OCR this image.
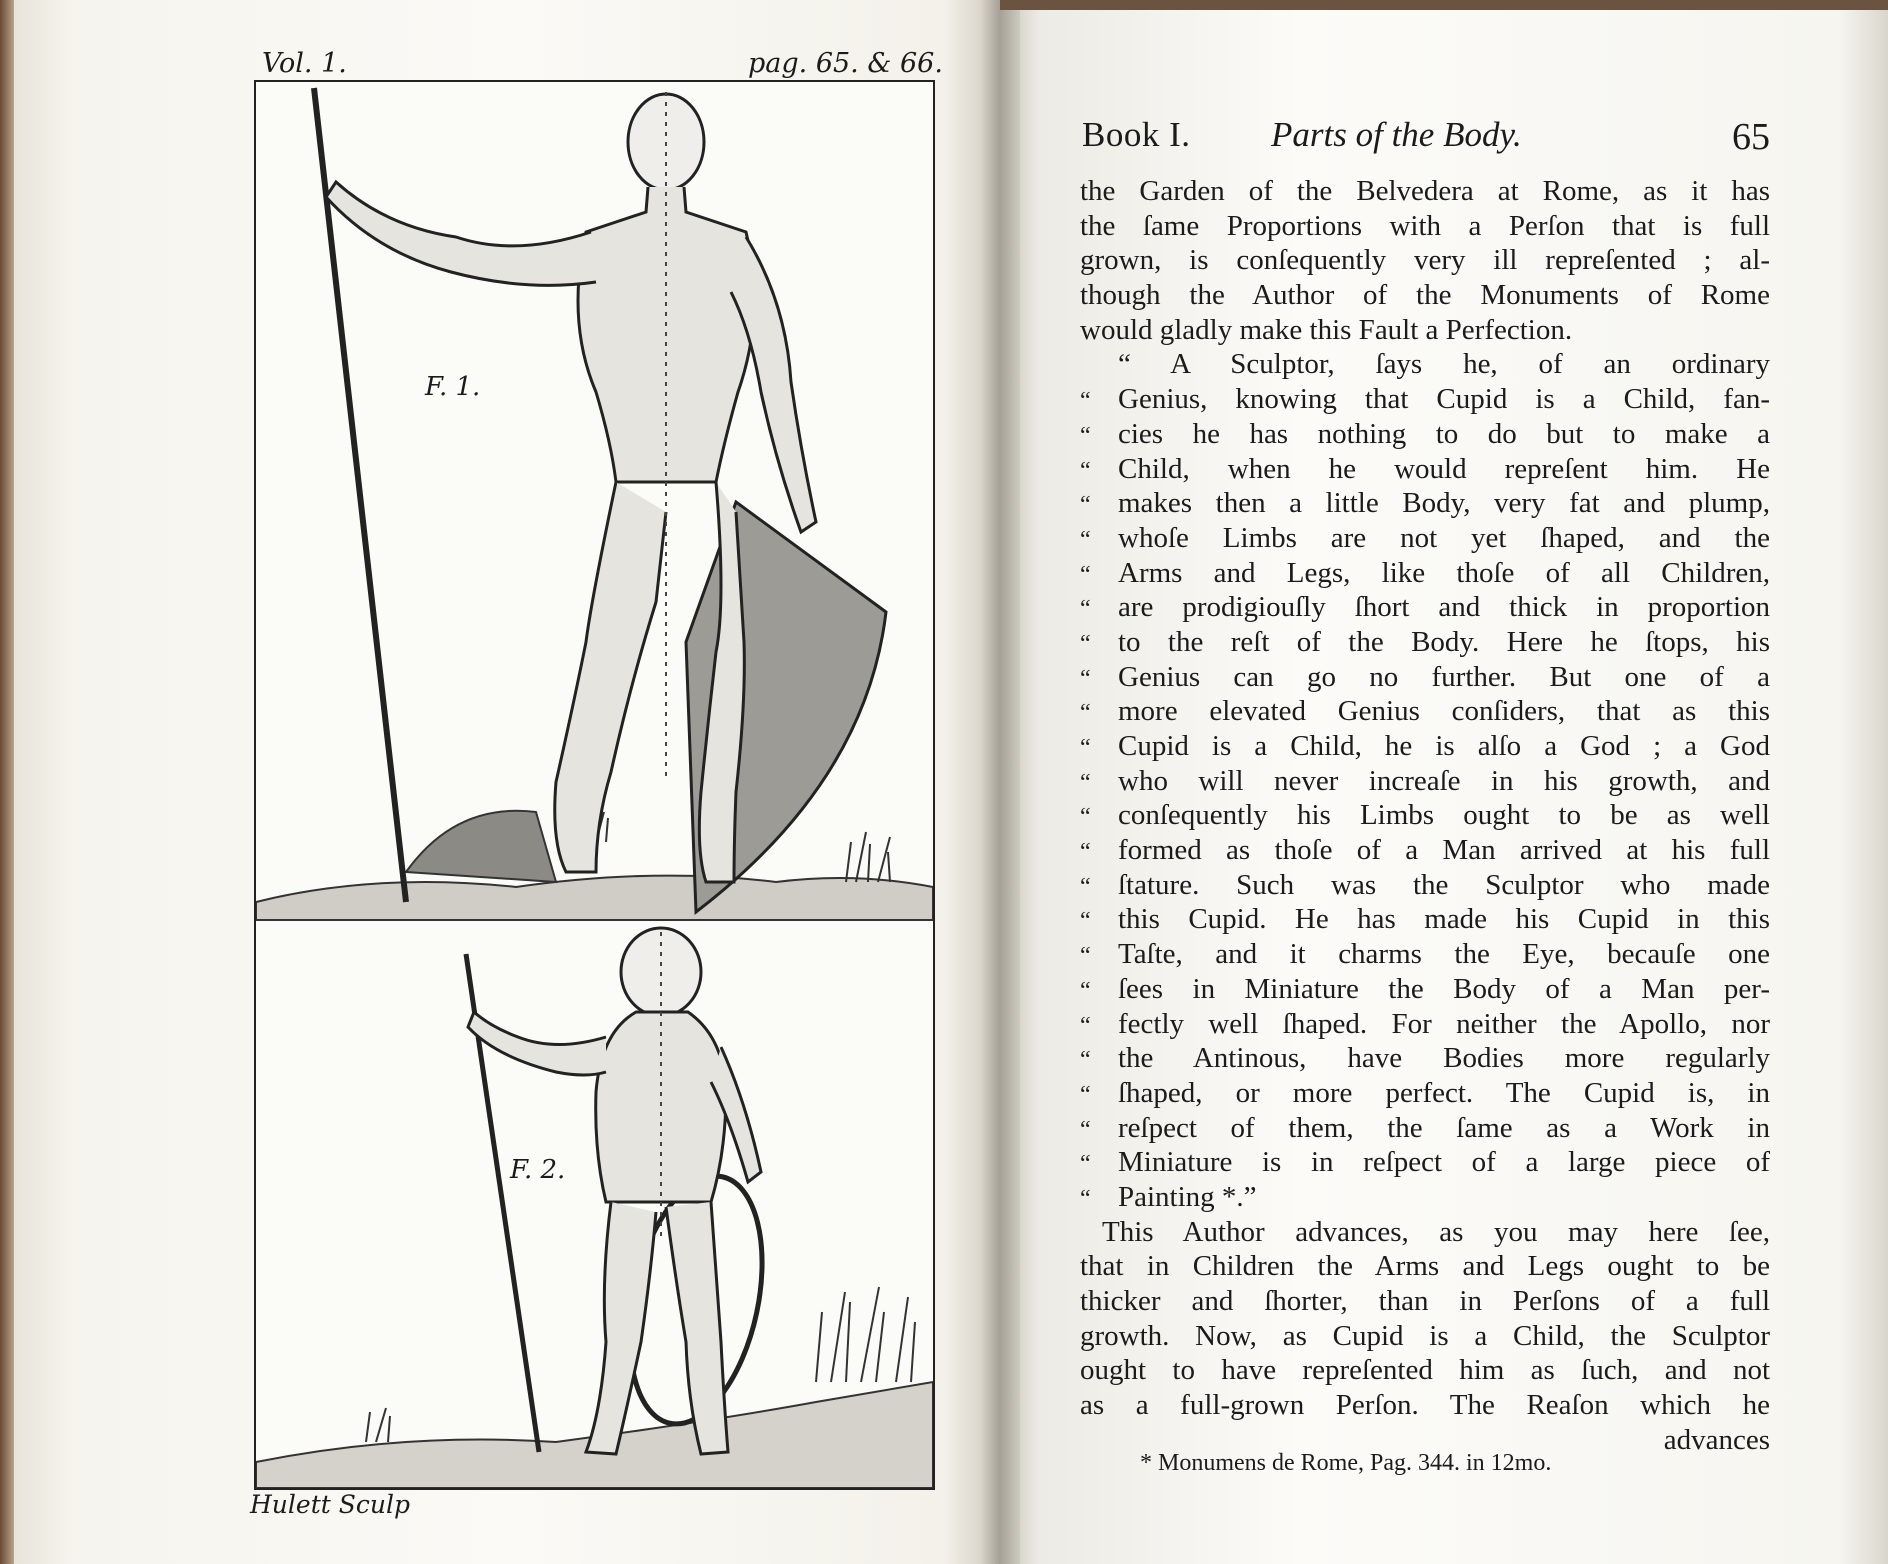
Vol. 1.	pag. 65. & 66.
F. 1.
F. 2.
Hulett Sculp
Book I. Parts of the Body.	65
the Garden of the Belvedera at Rome, as it has
the ſame Proportions with a Perſon that is full
grown, is conſequently very ill repreſented ; al-
though the Author of the Monuments of Rome
would gladly make this Fault a Perfection.
“ A Sculptor, ſays he, of an ordinary
“ Genius, knowing that Cupid is a Child, fan-
“ cies he has nothing to do but to make a
“ Child, when he would repreſent him. He
“ makes then a little Body, very fat and plump,
“ whoſe Limbs are not yet ſhaped, and the
“ Arms and Legs, like thoſe of all Children,
“ are prodigiouſly ſhort and thick in proportion
“ to the reſt of the Body. Here he ſtops, his
“ Genius can go no further. But one of a
“ more elevated Genius conſiders, that as this
“ Cupid is a Child, he is alſo a God ; a God
“ who will never increaſe in his growth, and
“ conſequently his Limbs ought to be as well
“ formed as thoſe of a Man arrived at his full
“ ſtature. Such was the Sculptor who made
“ this Cupid. He has made his Cupid in this
“ Taſte, and it charms the Eye, becauſe one
“ ſees in Miniature the Body of a Man per-
“ fectly well ſhaped. For neither the Apollo, nor
“ the Antinous, have Bodies more regularly
“ ſhaped, or more perfect. The Cupid is, in
“ reſpect of them, the ſame as a Work in
“ Miniature is in reſpect of a large piece of
“ Painting *.”
This Author advances, as you may here ſee,
that in Children the Arms and Legs ought to be
thicker and ſhorter, than in Perſons of a full
growth. Now, as Cupid is a Child, the Sculptor
ought to have repreſented him as ſuch, and not
as a full-grown Perſon. The Reaſon which he
advances
* Monumens de Rome, Pag. 344. in 12mo.
